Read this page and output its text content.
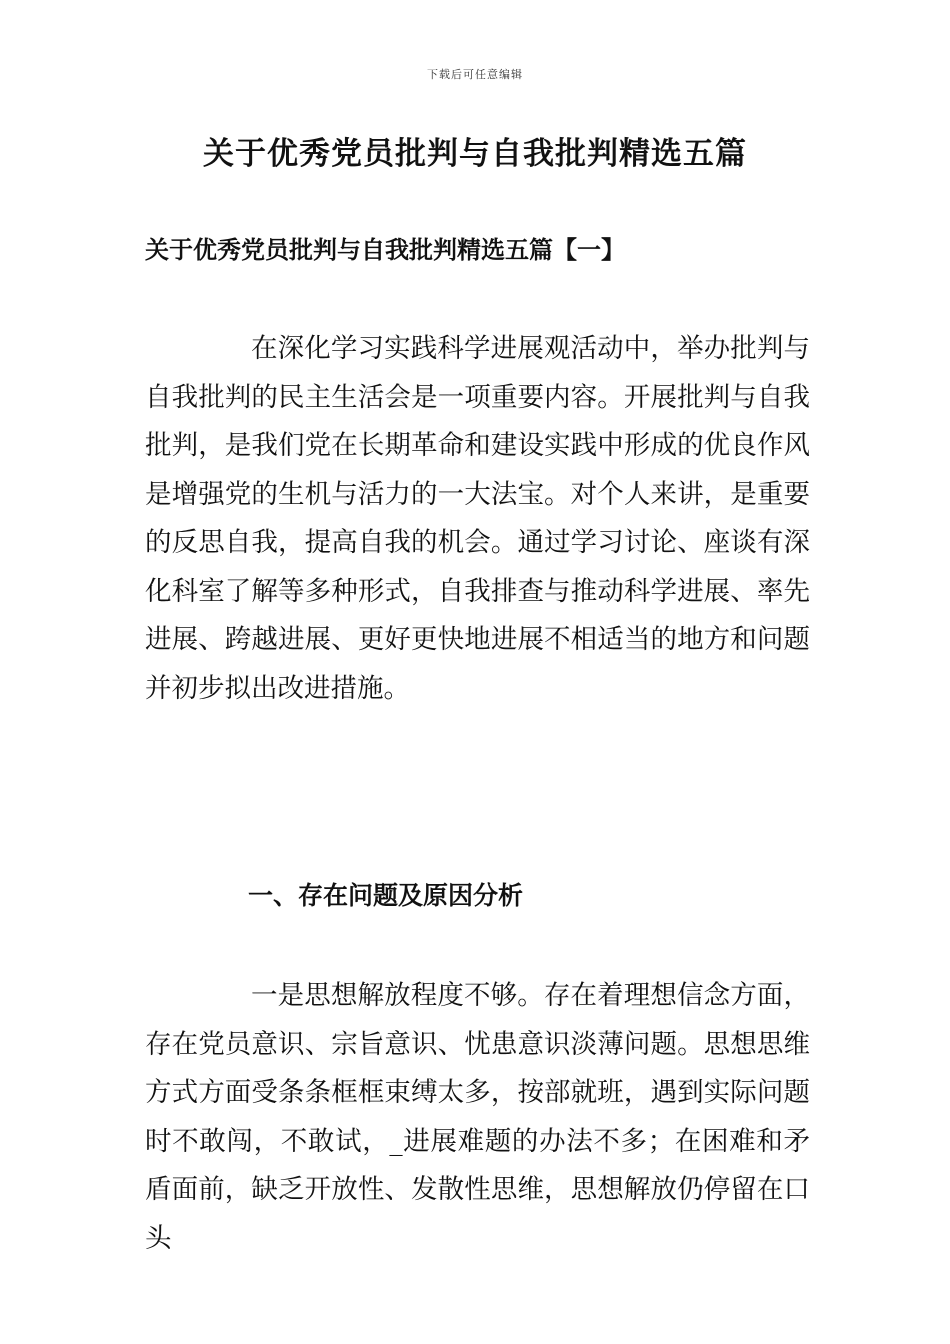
下载后可任意编辑
关于优秀党员批判与自我批判精选五篇
关于优秀党员批判与自我批判精选五篇【一】

在深化学习实践科学进展观活动中，举办批判与自我批判的民主生活会是一项重要内容。开展批判与自我批判，是我们党在长期革命和建设实践中形成的优良作风是增强党的生机与活力的一大法宝。对个人来讲，是重要的反思自我，提高自我的机会。通过学习讨论、座谈有深化科室了解等多种形式，自我排查与推动科学进展、率先进展、跨越进展、更好更快地进展不相适当的地方和问题并初步拟出改进措施。

一、存在问题及原因分析

一是思想解放程度不够。存在着理想信念方面，存在党员意识、宗旨意识、忧患意识淡薄问题。思想思维方式方面受条条框框束缚太多，按部就班，遇到实际问题时不敢闯，不敢试，_进展难题的办法不多；在困难和矛盾面前，缺乏开放性、发散性思维，思想解放仍停留在口头
